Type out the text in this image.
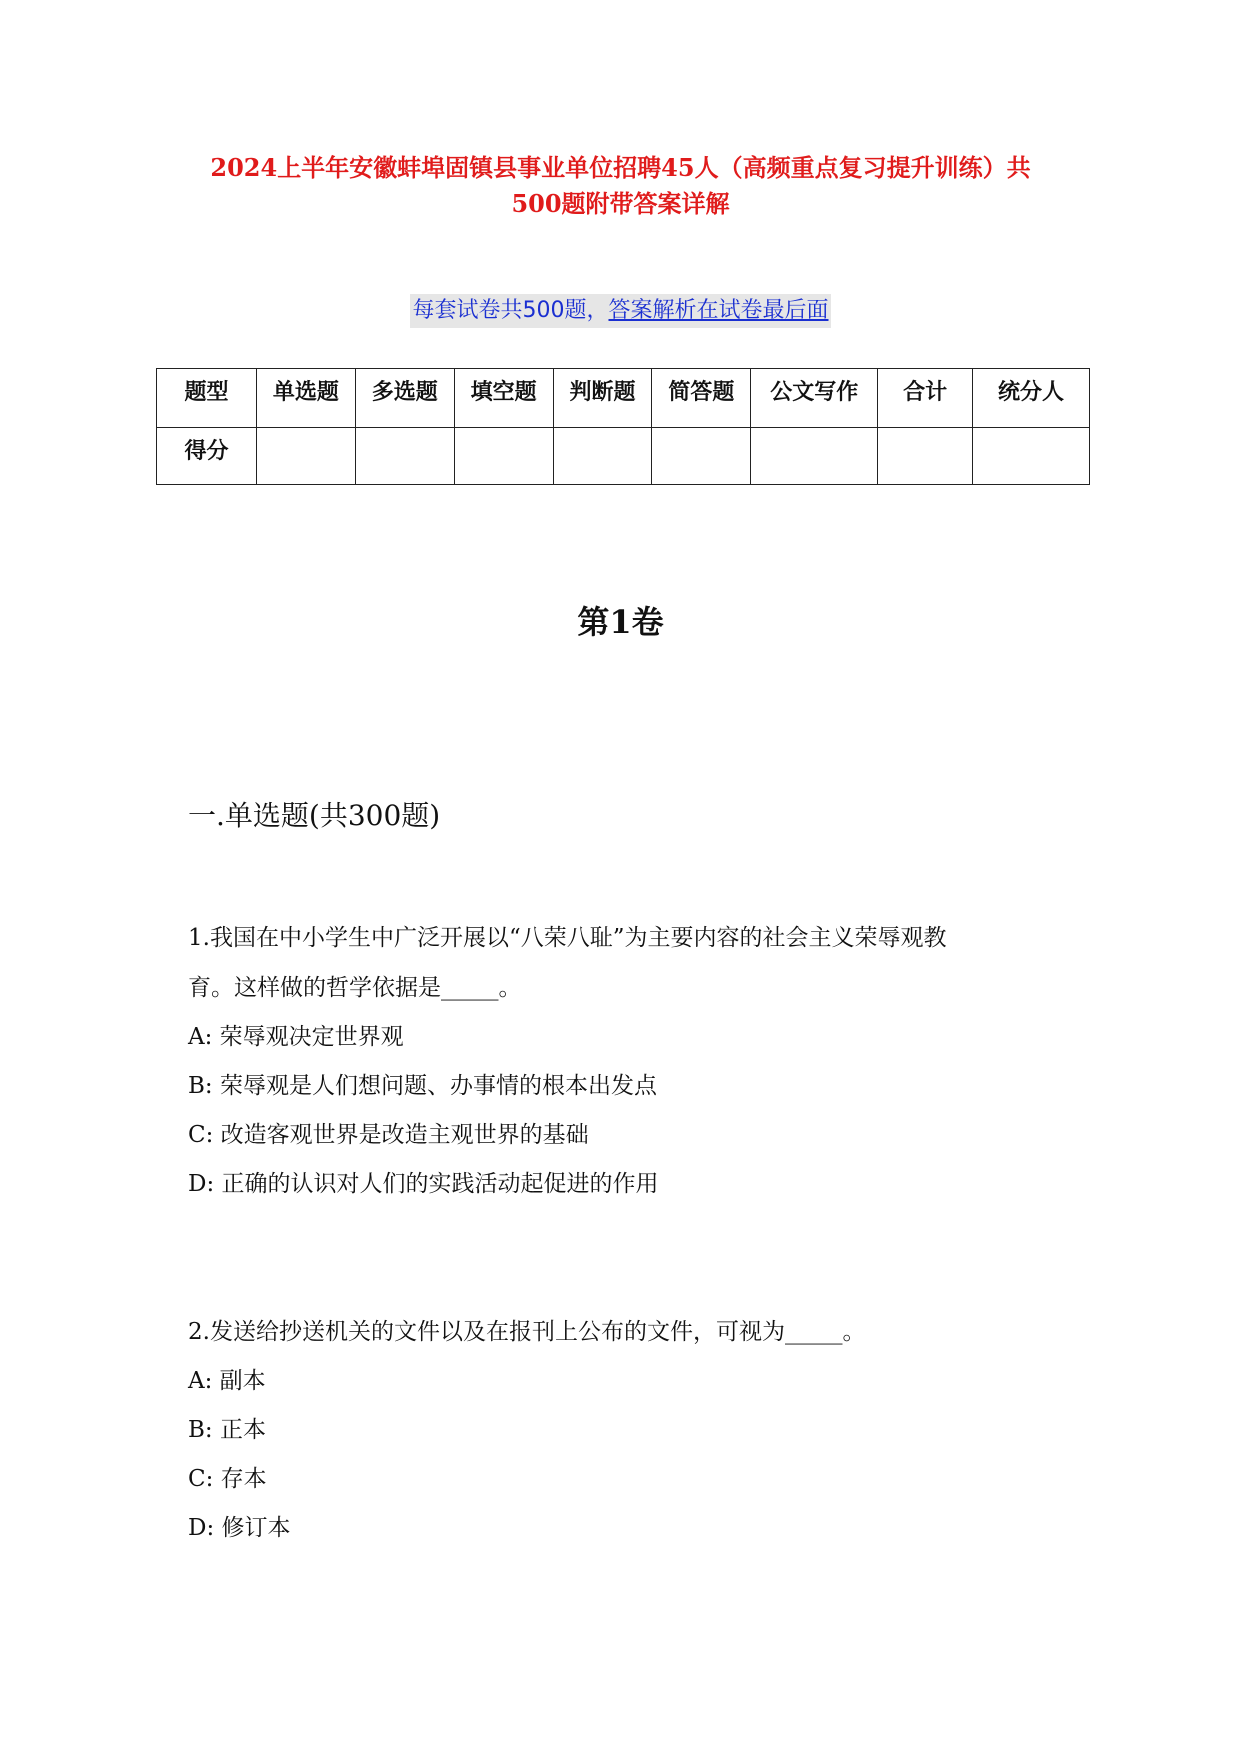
2024上半年安徽蚌埠固镇县事业单位招聘45人（高频重点复习提升训练）共
500题附带答案详解
每套试卷共500题，答案解析在试卷最后面
题型	单选题	多选题	填空题	判断题	简答题	公文写作	合计	统分人
得分								
第1卷
一.单选题(共300题)
1.我国在中小学生中广泛开展以“八荣八耻”为主要内容的社会主义荣辱观教
育。这样做的哲学依据是_____。
A: 荣辱观决定世界观
B: 荣辱观是人们想问题、办事情的根本出发点
C: 改造客观世界是改造主观世界的基础
D: 正确的认识对人们的实践活动起促进的作用
2.发送给抄送机关的文件以及在报刊上公布的文件，可视为_____。
A: 副本
B: 正本
C: 存本
D: 修订本
